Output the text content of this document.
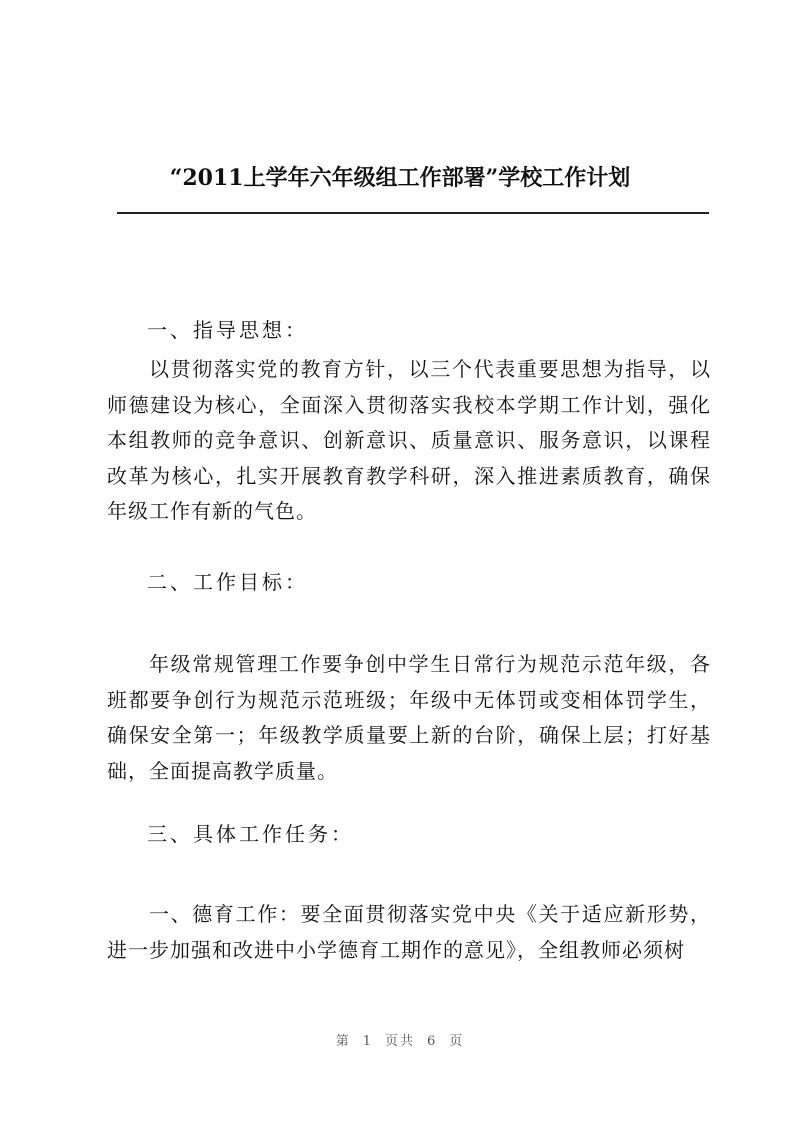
“2011上学年六年级组工作部署”学校工作计划

一、指导思想：

以贯彻落实党的教育方针，以三个代表重要思想为指导，以师德建设为核心，全面深入贯彻落实我校本学期工作计划，强化本组教师的竞争意识、创新意识、质量意识、服务意识，以课程改革为核心，扎实开展教育教学科研，深入推进素质教育，确保年级工作有新的气色。

二、工作目标：

年级常规管理工作要争创中学生日常行为规范示范年级，各班都要争创行为规范示范班级；年级中无体罚或变相体罚学生，确保安全第一；年级教学质量要上新的台阶，确保上层；打好基础，全面提高教学质量。

三、具体工作任务：

一、德育工作：要全面贯彻落实党中央《关于适应新形势，进一步加强和改进中小学德育工期作的意见》，全组教师必须树

第 1 页共 6 页
